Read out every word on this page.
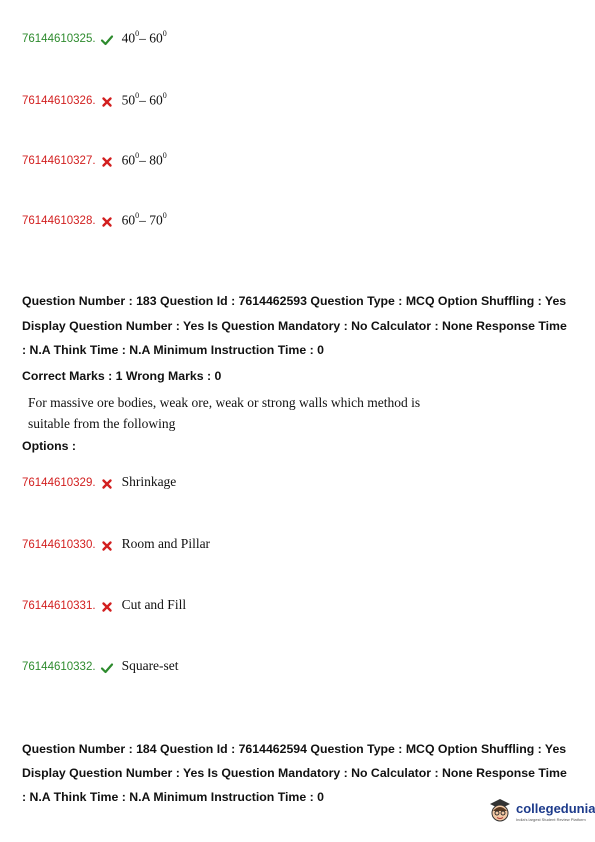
76144610325. $40^0-$ $60^0$
76144610326. $50^0-$ $60^0$
76144610327. $60^0-$ $80^0$
76144610328. $60^0-$ $70^0$
Question Number : 183 Question Id : 7614462593 Question Type : MCQ Option Shuffling : Yes
Display Question Number : Yes Is Question Mandatory : No Calculator : None Response Time
: N.A Think Time : N.A Minimum Instruction Time : 0
Correct Marks : 1 Wrong Marks : 0
For massive ore bodies, weak ore, weak or strong walls which method is
suitable from the following
Options :
76144610329. Shrinkage
76144610330. Room and Pillar
76144610331. Cut and Fill
76144610332. Square-set
Question Number : 184 Question Id : 7614462594 Question Type : MCQ Option Shuffling : Yes
Display Question Number : Yes Is Question Mandatory : No Calculator : None Response Time
: N.A Think Time : N.A Minimum Instruction Time : 0
collegedunia
India's largest Student Review Platform
